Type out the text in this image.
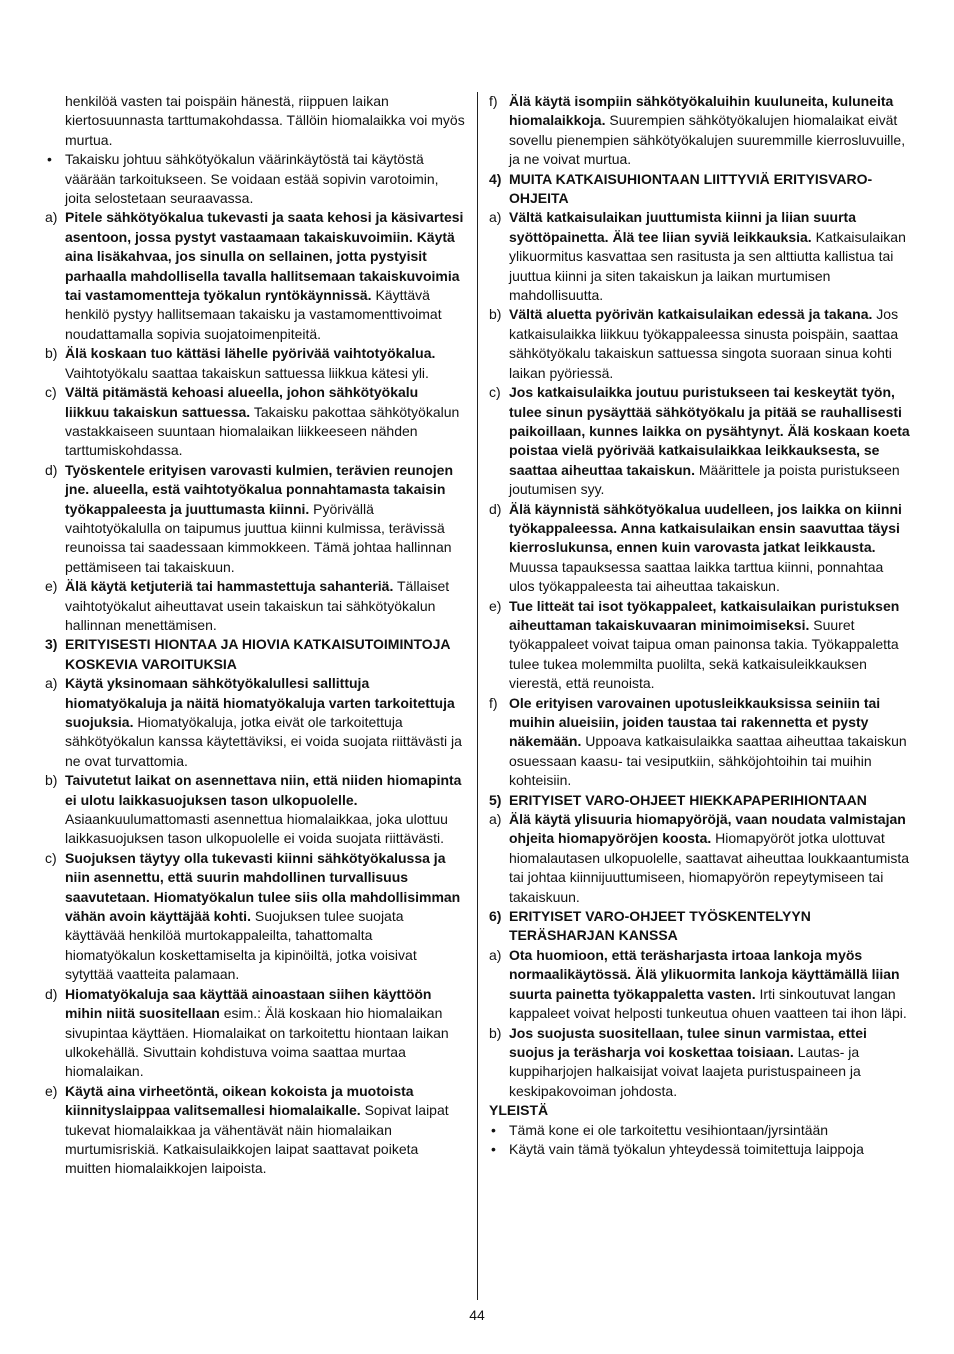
henkilöä vasten tai poispäin hänestä, riippuen laikan kiertosuunnasta tarttumakohdassa. Tällöin hiomalaikka voi myös murtua.

• Takaisku johtuu sähkötyökalun väärinkäytöstä tai käytöstä väärään tarkoitukseen. Se voidaan estää sopivin varotoimin, joita selostetaan seuraavassa.

a) Pitele sähkötyökalua tukevasti ja saata kehosi ja käsivartesi asentoon, jossa pystyt vastaamaan takaiskuvoimiin. Käytä aina lisäkahvaa, jos sinulla on sellainen, jotta pystyisit parhaalla mahdollisella tavalla hallitsemaan takaiskuvoimia tai vastamomentteja työkalun ryntökäynnissä. Käyttävä henkilö pystyy hallitsemaan takaisku ja vastamomenttivoimat noudattamalla sopivia suojatoimenpiteitä.

b) Älä koskaan tuo kättäsi lähelle pyörivää vaihtotyökalua. Vaihtotyökalu saattaa takaiskun sattuessa liikkua kätesi yli.

c) Vältä pitämästä kehoasi alueella, johon sähkötyökalu liikkuu takaiskun sattuessa. Takaisku pakottaa sähkötyökalun vastakkaiseen suuntaan hiomalaikan liikkeeseen nähden tarttumiskohdassa.

d) Työskentele erityisen varovasti kulmien, terävien reunojen jne. alueella, estä vaihtotyökalua ponnahtamasta takaisin työkappaleesta ja juuttumasta kiinni. Pyörivällä vaihtotyökalulla on taipumus juuttua kiinni kulmissa, terävissä reunoissa tai saadessaan kimmokkeen. Tämä johtaa hallinnan pettämiseen tai takaiskuun.

e) Älä käytä ketjuteriä tai hammastettuja sahanteriä. Tällaiset vaihtotyökalut aiheuttavat usein takaiskun tai sähkötyökalun hallinnan menettämisen.

3) ERITYISESTI HIONTAA JA HIOVIA KATKAISUTOIMINTOJA KOSKEVIA VAROITUKSIA

a) Käytä yksinomaan sähkötyökalullesi sallittuja hiomatyökaluja ja näitä hiomatyökaluja varten tarkoitettuja suojuksia. Hiomatyökaluja, jotka eivät ole tarkoitettuja sähkötyökalun kanssa käytettäviksi, ei voida suojata riittävästi ja ne ovat turvattomia.

b) Taivutetut laikat on asennettava niin, että niiden hiomapinta ei ulotu laikkasuojuksen tason ulkopuolelle. Asiaankuulumattomasti asennettua hiomalaikkaa, joka ulottuu laikkasuojuksen tason ulkopuolelle ei voida suojata riittävästi.

c) Suojuksen täytyy olla tukevasti kiinni sähkötyökalussa ja niin asennettu, että suurin mahdollinen turvallisuus saavutetaan. Hiomatyökalun tulee siis olla mahdollisimman vähän avoin käyttäjää kohti. Suojuksen tulee suojata käyttävää henkilöä murtokappaleilta, tahattomalta hiomatyökalun koskettamiselta ja kipinöiltä, jotka voisivat sytyttää vaatteita palamaan.

d) Hiomatyökaluja saa käyttää ainoastaan siihen käyttöön mihin niitä suositellaan esim.: Älä koskaan hio hiomalaikan sivupintaa käyttäen. Hiomalaikat on tarkoitettu hiontaan laikan ulkokehällä. Sivuttain kohdistuva voima saattaa murtaa hiomalaikan.

e) Käytä aina virheetöntä, oikean kokoista ja muotoista kiinnityslaippaa valitsemallesi hiomalaikalle. Sopivat laipat tukevat hiomalaikkaa ja vähentävät näin hiomalaikan murtumisriskiä. Katkaisulaikkojen laipat saattavat poiketa muitten hiomalaikkojen laipoista.

f) Älä käytä isompiin sähkötyökaluihin kuuluneita, kuluneita hiomalaikkoja. Suurempien sähkötyökalujen hiomalaikat eivät sovellu pienempien sähkötyökalujen suuremmille kierrosluvuille, ja ne voivat murtua.

4) MUITA KATKAISUHIONTAAN LIITTYVIÄ ERITYISVARO-OHJEITA

a) Vältä katkaisulaikan juuttumista kiinni ja liian suurta syöttöpainetta. Älä tee liian syviä leikkauksia. Katkaisulaikan ylikuormitus kasvattaa sen rasitusta ja sen alttiutta kallistua tai juuttua kiinni ja siten takaiskun ja laikan murtumisen mahdollisuutta.

b) Vältä aluetta pyörivän katkaisulaikan edessä ja takana. Jos katkaisulaikka liikkuu työkappaleessa sinusta poispäin, saattaa sähkötyökalu takaiskun sattuessa singota suoraan sinua kohti laikan pyöriessä.

c) Jos katkaisulaikka joutuu puristukseen tai keskeytät työn, tulee sinun pysäyttää sähkötyökalu ja pitää se rauhallisesti paikoillaan, kunnes laikka on pysähtynyt. Älä koskaan koeta poistaa vielä pyörivää katkaisulaikkaa leikkauksesta, se saattaa aiheuttaa takaiskun. Määrittele ja poista puristukseen joutumisen syy.

d) Älä käynnistä sähkötyökalua uudelleen, jos laikka on kiinni työkappaleessa. Anna katkaisulaikan ensin saavuttaa täysi kierroslukunsa, ennen kuin varovasta jatkat leikkausta. Muussa tapauksessa saattaa laikka tarttua kiinni, ponnahtaa ulos työkappaleesta tai aiheuttaa takaiskun.

e) Tue litteät tai isot työkappaleet, katkaisulaikan puristuksen aiheuttaman takaiskuvaaran minimoimiseksi. Suuret työkappaleet voivat taipua oman painonsa takia. Työkappaletta tulee tukea molemmilta puolilta, sekä katkaisuleikkauksen vierestä, että reunoista.

f) Ole erityisen varovainen upotusleikkauksissa seiniin tai muihin alueisiin, joiden taustaa tai rakennetta et pysty näkemään. Uppoava katkaisulaikka saattaa aiheuttaa takaiskun osuessaan kaasu- tai vesiputkiin, sähköjohtoihin tai muihin kohteisiin.

5) ERITYISET VARO-OHJEET HIEKKAPAPERIHIONTAAN

a) Älä käytä ylisuuria hiomapyöröjä, vaan noudata valmistajan ohjeita hiomapyöröjen koosta. Hiomapyöröt jotka ulottuvat hiomalautasen ulkopuolelle, saattavat aiheuttaa loukkaantumista tai johtaa kiinnijuuttumiseen, hiomapyörön repeytymiseen tai takaiskuun.

6) ERITYISET VARO-OHJEET TYÖSKENTELYYN TERÄSHARJAN KANSSA

a) Ota huomioon, että teräsharjasta irtoaa lankoja myös normaalikäytössä. Älä ylikuormita lankoja käyttämällä liian suurta painetta työkappaletta vasten. Irti sinkoutuvat langan kappaleet voivat helposti tunkeutua ohuen vaatteen tai ihon läpi.

b) Jos suojusta suositellaan, tulee sinun varmistaa, ettei suojus ja teräsharja voi koskettaa toisiaan. Lautas- ja kuppiharjojen halkaisijat voivat laajeta puristuspaineen ja keskipakovoiman johdosta.

YLEISTÄ

• Tämä kone ei ole tarkoitettu vesihiontaan/jyrsintään

• Käytä vain tämä työkalun yhteydessä toimitettuja laippoja

44
